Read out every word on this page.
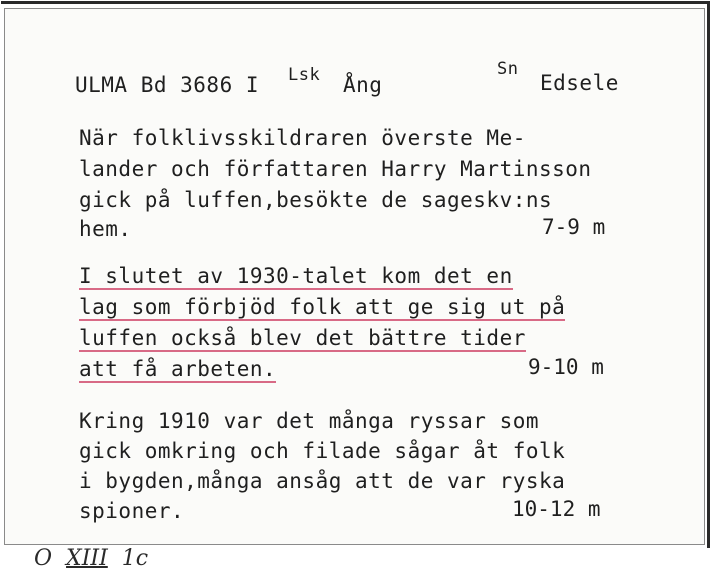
ULMA Bd 3686 I Lsk Ång
Sn
Edsele
När folklivsskildraren överste Me-
lander och författaren Harry Martinsson
gick på luffen,besökte de sageskv:ns
hem.	7-9 m
I slutet av 1930-talet kom det en
lag som förbjöd folk att ge sig ut på
luffen också blev det bättre tider
att få arbeten.	9-10 m
Kring 1910 var det många ryssar som
gick omkring och filade sågar åt folk
i bygden,många ansåg att de var ryska
spioner.	10-12 m
O XIII 1c
